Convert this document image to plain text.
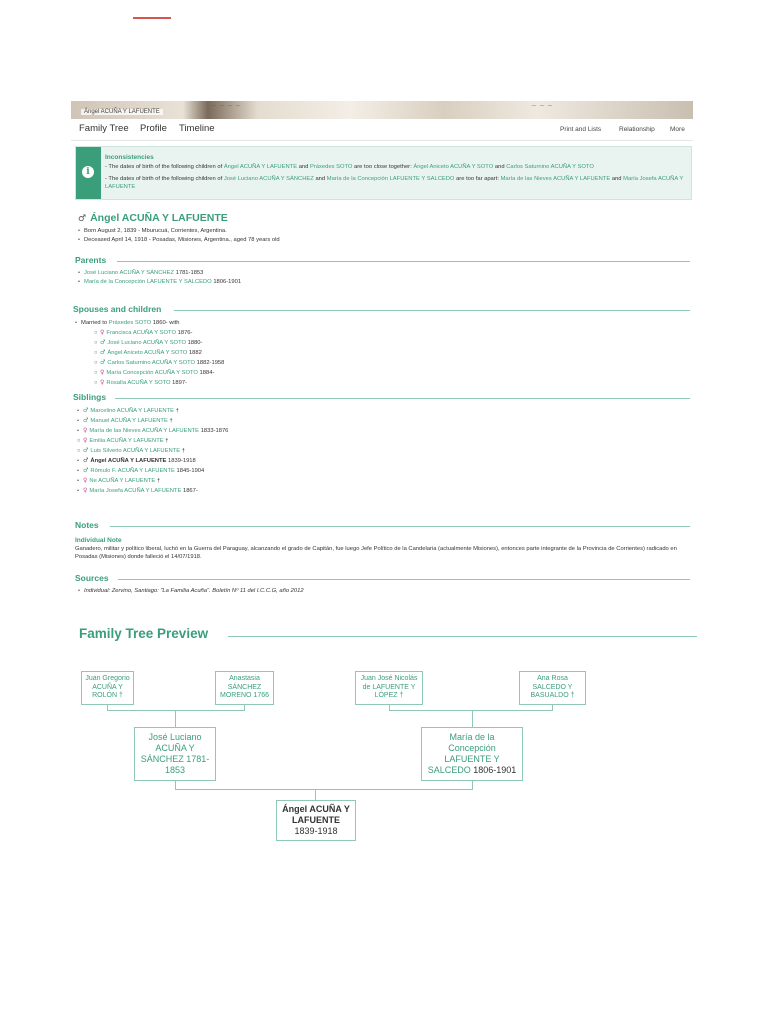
~ ~ ~ ~	~ ~ ~
Ángel ACUÑA Y LAFUENTE
Family Tree Profile Timeline	Print and Lists	Relationship More
i
Inconsistencies
- The dates of birth of the following children of Ángel ACUÑA Y LAFUENTE and Práxedes SOTO are too close together: Ángel Aniceto ACUÑA Y SOTO and Carlos Saturnino ACUÑA Y SOTO
- The dates of birth of the following children of José Luciano ACUÑA Y SÁNCHEZ and María de la Concepción LAFUENTE Y SALCEDO are too far apart: María de las Nieves ACUÑA Y LAFUENTE and María Josefa ACUÑA Y LAFUENTE
♂ Ángel ACUÑA Y LAFUENTE
• Born August 2, 1839 - Mburucuá, Corrientes, Argentina.
• Deceased April 14, 1918 - Posadas, Misiones, Argentina., aged 78 years old
Parents
• José Luciano ACUÑA Y SÁNCHEZ 1781-1853
• María de la Concepción LAFUENTE Y SALCEDO 1806-1901
Spouses and children
• Married to Práxedes SOTO 1860- with
○ ♀ Francisca ACUÑA Y SOTO 1876-
○ ♂ José Luciano ACUÑA Y SOTO 1880-
○ ♂ Ángel Aniceto ACUÑA Y SOTO 1882
○ ♂ Carlos Saturnino ACUÑA Y SOTO 1882-1958
○ ♀ María Concepción ACUÑA Y SOTO 1884-
○ ♀ Rosalía ACUÑA Y SOTO 1897-
Siblings
• ♂ Marcelino ACUÑA Y LAFUENTE †
• ♂ Manuel ACUÑA Y LAFUENTE †
• ♀ María de las Nieves ACUÑA Y LAFUENTE 1833-1876
○ ♀ Emilia ACUÑA Y LAFUENTE †
○ ♂ Luis Silverio ACUÑA Y LAFUENTE †
• ♂ Ángel ACUÑA Y LAFUENTE 1839-1918
• ♂ Rómulo F. ACUÑA Y LAFUENTE 1845-1904
• ♀ Ne ACUÑA Y LAFUENTE †
• ♀ María Josefa ACUÑA Y LAFUENTE 1867-
Notes
Individual Note
Ganadero, militar y político liberal, luchó en la Guerra del Paraguay, alcanzando el grado de Capitán, fue luego Jefe Político de la Candelaria (actualmente Misiones), entonces parte integrante de la Provincia de Corrientes) radicado en Posadas (Misiones) donde falleció el 14/07/1918.
Sources
• Individual: Zervino, Santiago: "La Familia Acuña". Boletín Nº 11 del I.C.C.G, año 2012
Family Tree Preview
Juan Gregorio
ACUÑA Y
ROLÓN †
Anastasia
SÁNCHEZ
MORENO 1766
Juan José Nicolás
de LAFUENTE Y
LÓPEZ †
Ana Rosa
SALCEDO Y
BASUALDO †
José Luciano
ACUÑA Y
SÁNCHEZ 1781-
1853
María de la
Concepción
LAFUENTE Y
SALCEDO 1806-1901
Ángel ACUÑA Y
LAFUENTE
1839-1918
